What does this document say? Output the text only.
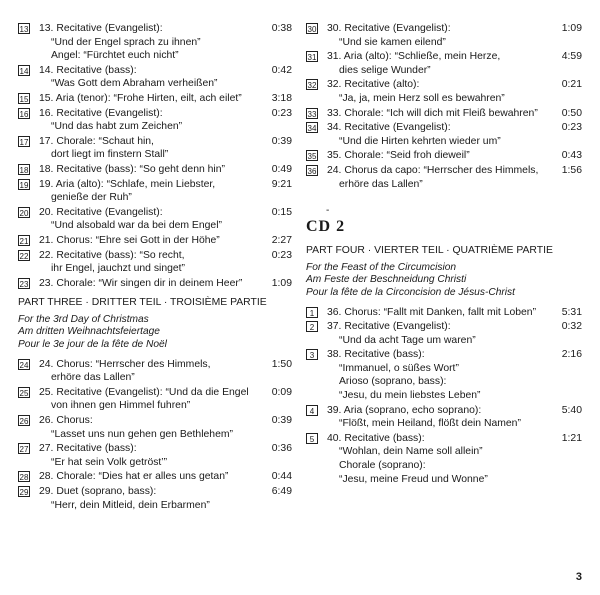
13 13. Recitative (Evangelist):	0:38
“Und der Engel sprach zu ihnen”
Angel: “Fürchtet euch nicht”
14 14. Recitative (bass):	0:42
“Was Gott dem Abraham verheißen”
15 15. Aria (tenor): “Frohe Hirten, eilt, ach eilet”	3:18
16 16. Recitative (Evangelist):	0:23
“Und das habt zum Zeichen”
17 17. Chorale: “Schaut hin,	0:39
dort liegt im finstern Stall”
18 18. Recitative (bass): “So geht denn hin”	0:49
19 19. Aria (alto): “Schlafe, mein Liebster,	9:21
genieße der Ruh”
20 20. Recitative (Evangelist):	0:15
“Und alsobald war da bei dem Engel”
21 21. Chorus: “Ehre sei Gott in der Höhe”	2:27
22 22. Recitative (bass): “So recht,	0:23
ihr Engel, jauchzt und singet”
23 23. Chorale: “Wir singen dir in deinem Heer”	1:09
PART THREE · DRITTER TEIL · TROISIÈME PARTIE
For the 3rd Day of Christmas
Am dritten Weihnachtsfeiertage
Pour le 3e jour de la fête de Noël
24 24. Chorus: “Herrscher des Himmels,	1:50
erhöre das Lallen”
25 25. Recitative (Evangelist): “Und da die Engel 0:09
von ihnen gen Himmel fuhren”
26 26. Chorus:	0:39
“Lasset uns nun gehen gen Bethlehem”
27 27. Recitative (bass):	0:36
“Er hat sein Volk getröst’”
28 28. Chorale: “Dies hat er alles uns getan”	0:44
29 29. Duet (soprano, bass):	6:49
“Herr, dein Mitleid, dein Erbarmen”
30 30. Recitative (Evangelist):	1:09
“Und sie kamen eilend”
31 31. Aria (alto): “Schließe, mein Herze,	4:59
dies selige Wunder”
32 32. Recitative (alto):	0:21
“Ja, ja, mein Herz soll es bewahren”
33 33. Chorale: “Ich will dich mit Fleiß bewahren” 0:50
34 34. Recitative (Evangelist):	0:23
“Und die Hirten kehrten wieder um”
35 35. Chorale: “Seid froh dieweil”	0:43
36 24. Chorus da capo: “Herrscher des Himmels, 1:56
erhöre das Lallen”
-
CD 2
PART FOUR · VIERTER TEIL · QUATRIÈME PARTIE
For the Feast of the Circumcision
Am Feste der Beschneidung Christi
Pour la fête de la Circoncision de Jésus-Christ
1	36. Chorus: “Fallt mit Danken, fallt mit Loben” 5:31
2	37. Recitative (Evangelist):	0:32
“Und da acht Tage um waren”
3	38. Recitative (bass):	2:16
“Immanuel, o süßes Wort”
Arioso (soprano, bass):
“Jesu, du mein liebstes Leben”
4	39. Aria (soprano, echo soprano):	5:40
“Flößt, mein Heiland, flößt dein Namen”
5	40. Recitative (bass):	1:21
“Wohlan, dein Name soll allein”
Chorale (soprano):
“Jesu, meine Freud und Wonne”
3
